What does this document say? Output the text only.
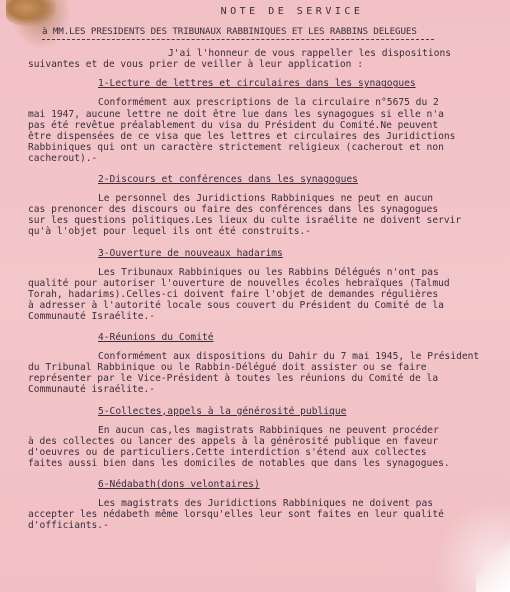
NOTE DE SERVICE
à MM.LES PRESIDENTS DES TRIBUNAUX RABBINIQUES ET LES RABBINS DELEGUES

J'ai l'honneur de vous rappeller les dispositions

suivantes et de vous prier de veiller à leur application :

1-Lecture de lettres et circulaires dans les synagogues

Conformément aux prescriptions de la circulaire n°5675 du 2

mai 1947, aucune lettre ne doit être lue dans les synagogues si elle n'a

pas été revêtue préalablement du visa du Président du Comité.Ne peuvent

être dispensées de ce visa que les lettres et circulaires des Juridictions

Rabbiniques qui ont un caractère strictement religieux (cacherout et non

cacherout).-

2-Discours et conférences dans les synagogues

Le personnel des Juridictions Rabbiniques ne peut en aucun

cas prenoncer des discours ou faire des conférences dans les synagogues

sur les questions politiques.Les lieux du culte israélite ne doivent servir

qu'à l'objet pour lequel ils ont été construits.-

3-Ouverture de nouveaux hadarims

Les Tribunaux Rabbiniques ou les Rabbins Délégués n'ont pas

qualité pour autoriser l'ouverture de nouvelles écoles hebraïques (Talmud

Torah, hadarims).Celles-ci doivent faire l'objet de demandes régulières

à adresser à l'autorité locale sous couvert du Président du Comité de la

Communauté Israélite.-

4-Réunions du Comité

Conformément aux dispositions du Dahir du 7 mai 1945, le Président

du Tribunal Rabbinique ou le Rabbin-Délégué doit assister ou se faire

représenter par le Vice-Président à toutes les réunions du Comité de la

Communauté israélite.-

5-Collectes,appels à la générosité publique

En aucun cas,les magistrats Rabbiniques ne peuvent procéder

à des collectes ou lancer des appels à la générosité publique en faveur

d'oeuvres ou de particuliers.Cette interdiction s'étend aux collectes

faites aussi bien dans les domiciles de notables que dans les synagogues.

6-Nédabath(dons velontaires)

Les magistrats des Juridictions Rabbiniques ne doivent pas

accepter les nédabeth même lorsqu'elles leur sont faites en leur qualité

d'officiants.-
